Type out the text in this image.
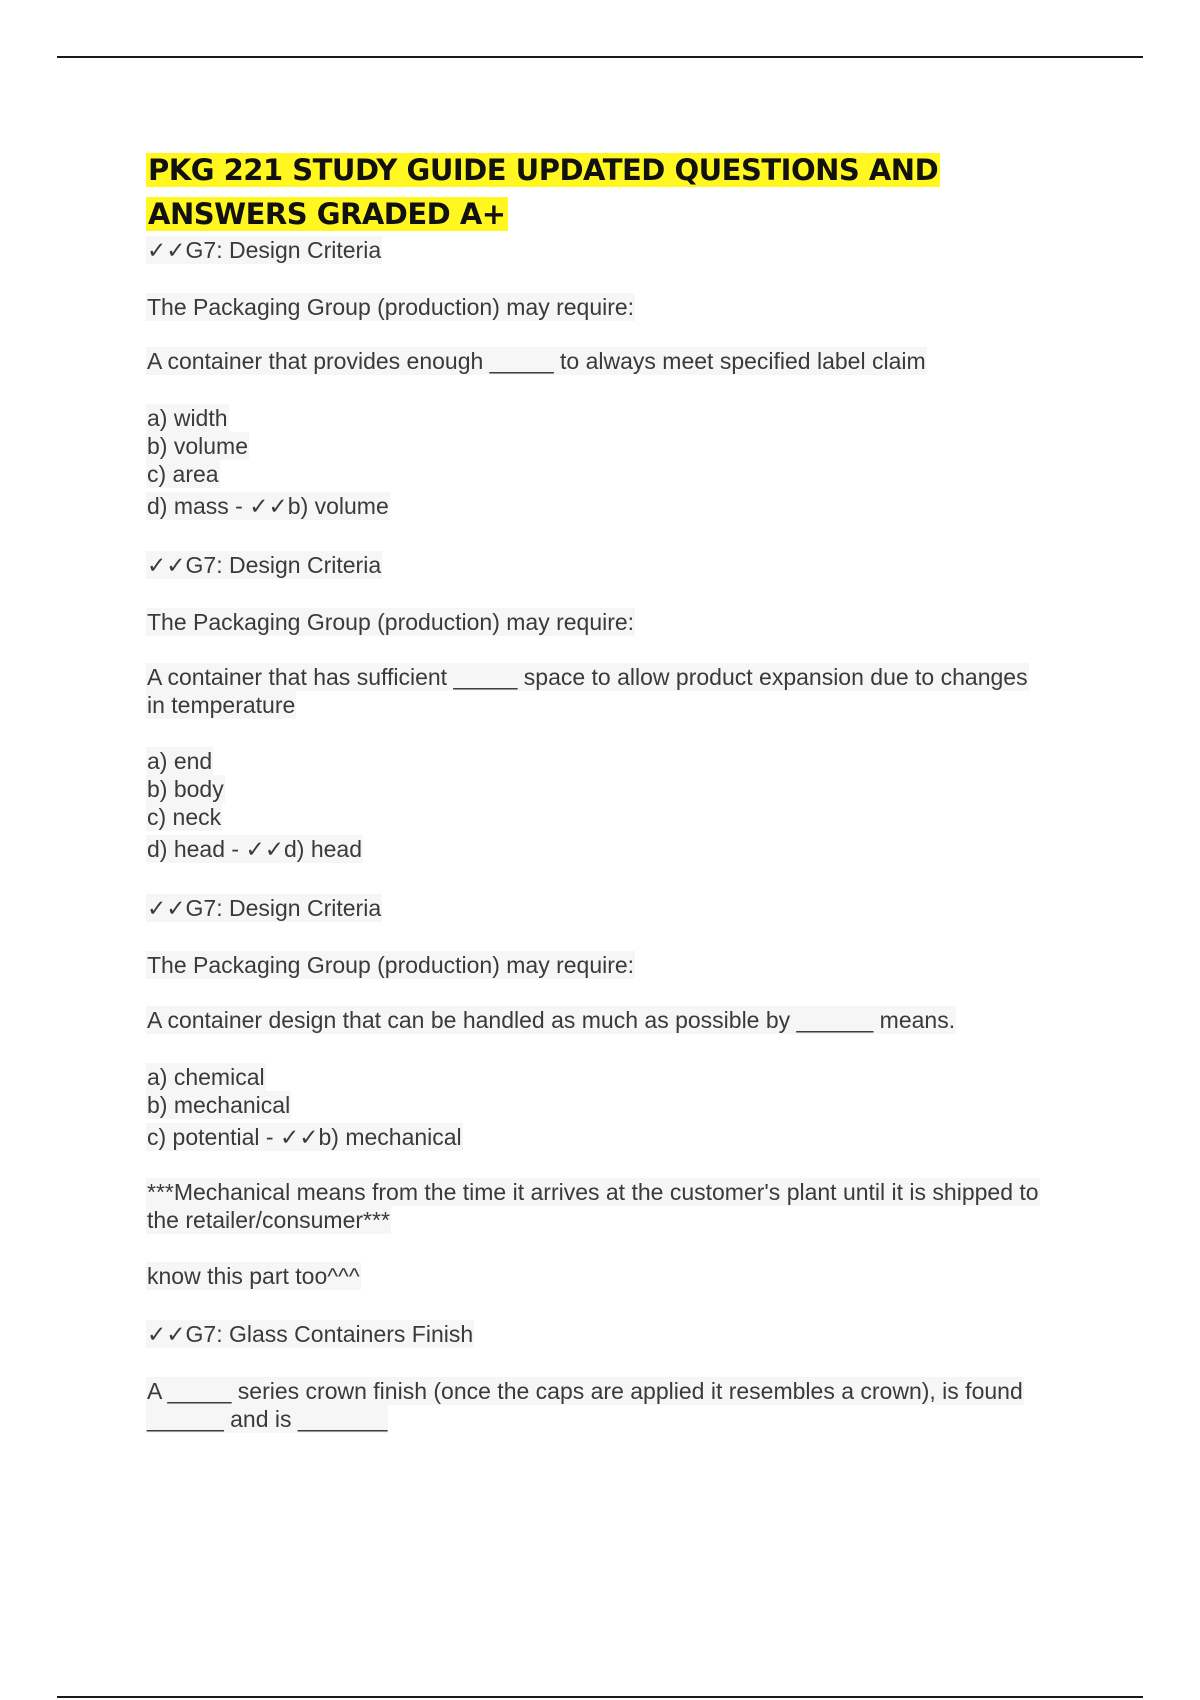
PKG 221 STUDY GUIDE UPDATED QUESTIONS AND
ANSWERS GRADED A+
✓✓G7: Design Criteria
The Packaging Group (production) may require:
A container that provides enough _____ to always meet specified label claim
a) width
b) volume
c) area
d) mass - ✓✓b) volume
✓✓G7: Design Criteria
The Packaging Group (production) may require:
A container that has sufficient _____ space to allow product expansion due to changes
in temperature
a) end
b) body
c) neck
d) head - ✓✓d) head
✓✓G7: Design Criteria
The Packaging Group (production) may require:
A container design that can be handled as much as possible by ______ means.
a) chemical
b) mechanical
c) potential - ✓✓b) mechanical
***Mechanical means from the time it arrives at the customer's plant until it is shipped to
the retailer/consumer***
know this part too^^^
✓✓G7: Glass Containers Finish
A _____ series crown finish (once the caps are applied it resembles a crown), is found
______ and is _______
